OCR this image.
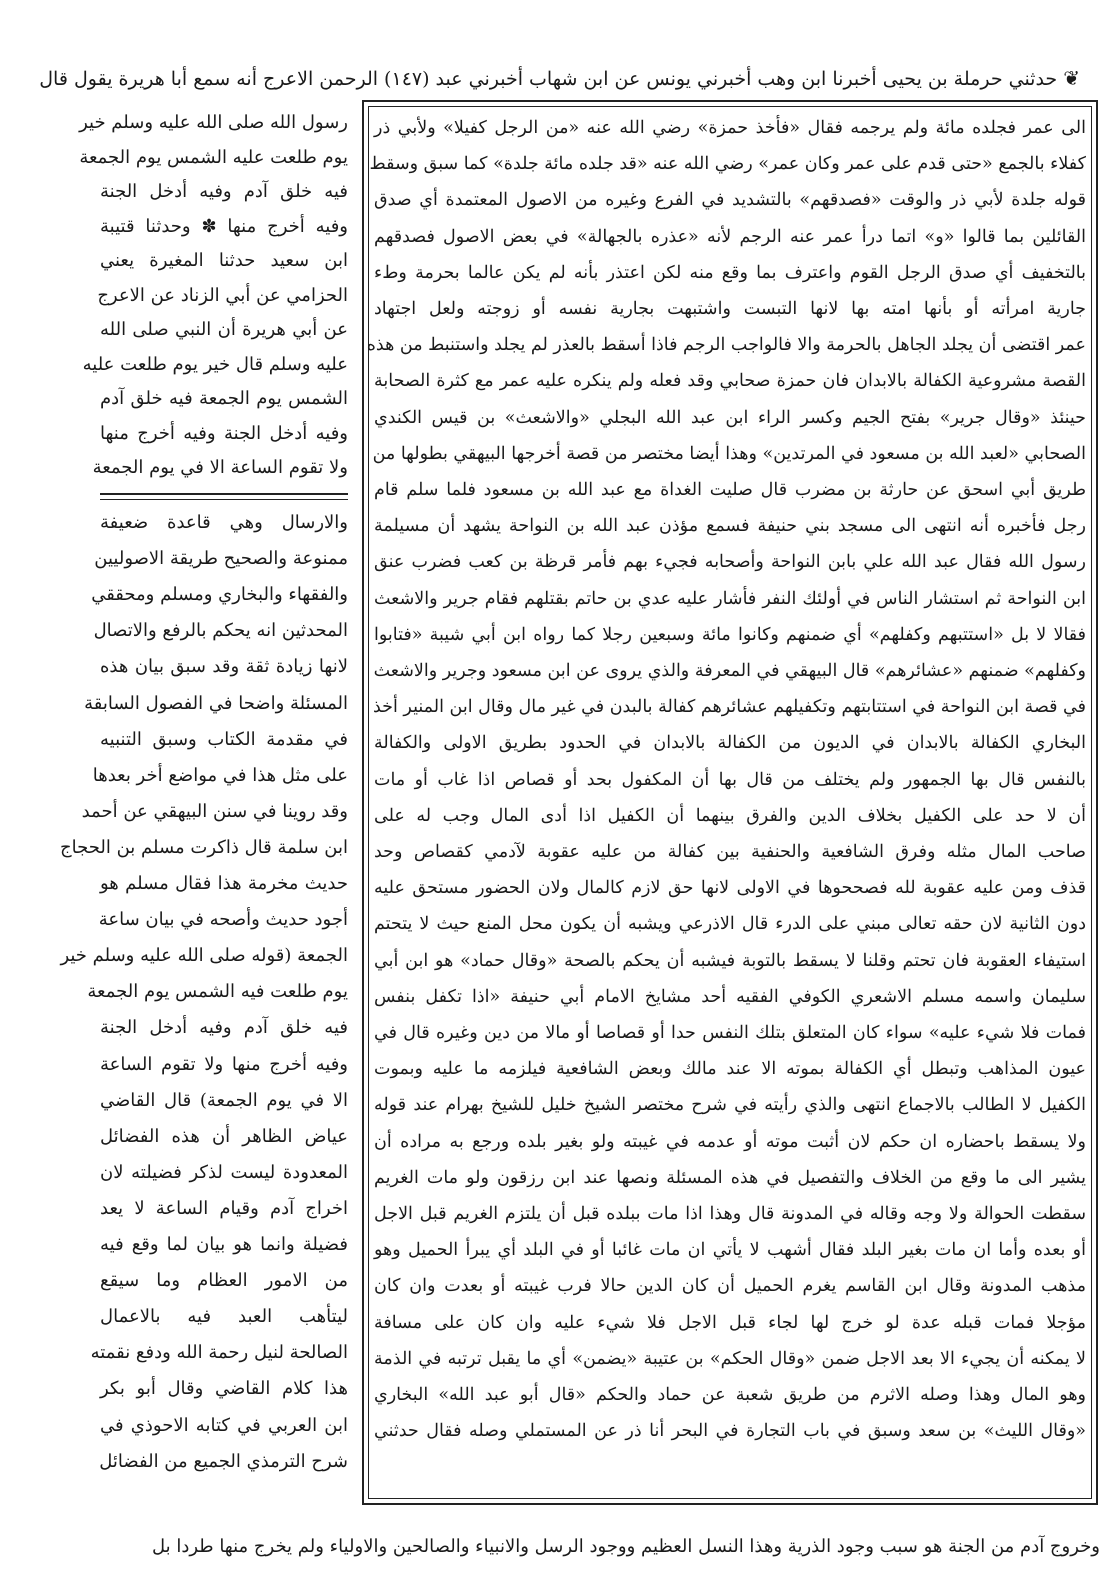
❦ حدثني حرملة بن يحيى أخبرنا ابن وهب أخبرني يونس عن ابن شهاب أخبرني عبد (١٤٧) الرحمن الاعرج أنه سمع أبا هريرة يقول قال
الى عمر فجلده مائة ولم يرجمه فقال «فأخذ حمزة» رضي الله عنه «من الرجل كفيلا» ولأبي ذر
كفلاء بالجمع «حتى قدم على عمر وكان عمر» رضي الله عنه «قد جلده مائة جلدة» كما سبق وسقط
قوله جلدة لأبي ذر والوقت «فصدقهم» بالتشديد في الفرع وغيره من الاصول المعتمدة أي صدق
القائلين بما قالوا «و» اتما درأ عمر عنه الرجم لأنه «عذره بالجهالة» في بعض الاصول فصدقهم
بالتخفيف أي صدق الرجل القوم واعترف بما وقع منه لكن اعتذر بأنه لم يكن عالما بحرمة وطء
جارية امرأته أو بأنها امته بها لانها التبست واشتبهت بجارية نفسه أو زوجته ولعل اجتهاد
عمر اقتضى أن يجلد الجاهل بالحرمة والا فالواجب الرجم فاذا أسقط بالعذر لم يجلد واستنبط من هذه
القصة مشروعية الكفالة بالابدان فان حمزة صحابي وقد فعله ولم ينكره عليه عمر مع كثرة الصحابة
حينئذ «وقال جرير» بفتح الجيم وكسر الراء ابن عبد الله البجلي «والاشعث» بن قيس الكندي
الصحابي «لعبد الله بن مسعود في المرتدين» وهذا أيضا مختصر من قصة أخرجها البيهقي بطولها من
طريق أبي اسحق عن حارثة بن مضرب قال صليت الغداة مع عبد الله بن مسعود فلما سلم قام
رجل فأخبره أنه انتهى الى مسجد بني حنيفة فسمع مؤذن عبد الله بن النواحة يشهد أن مسيلمة
رسول الله فقال عبد الله علي بابن النواحة وأصحابه فجيء بهم فأمر قرظة بن كعب فضرب عنق
ابن النواحة ثم استشار الناس في أولئك النفر فأشار عليه عدي بن حاتم بقتلهم فقام جرير والاشعث
فقالا لا بل «استتبهم وكفلهم» أي ضمنهم وكانوا مائة وسبعين رجلا كما رواه ابن أبي شيبة «فتابوا
وكفلهم» ضمنهم «عشائرهم» قال البيهقي في المعرفة والذي يروى عن ابن مسعود وجرير والاشعث
في قصة ابن النواحة في استتابتهم وتكفيلهم عشائرهم كفالة بالبدن في غير مال وقال ابن المنير أخذ
البخاري الكفالة بالابدان في الديون من الكفالة بالابدان في الحدود بطريق الاولى والكفالة
بالنفس قال بها الجمهور ولم يختلف من قال بها أن المكفول بحد أو قصاص اذا غاب أو مات
أن لا حد على الكفيل بخلاف الدين والفرق بينهما أن الكفيل اذا أدى المال وجب له على
صاحب المال مثله وفرق الشافعية والحنفية بين كفالة من عليه عقوبة لآدمي كقصاص وحد
قذف ومن عليه عقوبة لله فصححوها في الاولى لانها حق لازم كالمال ولان الحضور مستحق عليه
دون الثانية لان حقه تعالى مبني على الدرء قال الاذرعي ويشبه أن يكون محل المنع حيث لا يتحتم
استيفاء العقوبة فان تحتم وقلنا لا يسقط بالتوبة فيشبه أن يحكم بالصحة «وقال حماد» هو ابن أبي
سليمان واسمه مسلم الاشعري الكوفي الفقيه أحد مشايخ الامام أبي حنيفة «اذا تكفل بنفس
فمات فلا شيء عليه» سواء كان المتعلق بتلك النفس حدا أو قصاصا أو مالا من دين وغيره قال في
عيون المذاهب وتبطل أي الكفالة بموته الا عند مالك وبعض الشافعية فيلزمه ما عليه وبموت
الكفيل لا الطالب بالاجماع انتهى والذي رأيته في شرح مختصر الشيخ خليل للشيخ بهرام عند قوله
ولا يسقط باحضاره ان حكم لان أثبت موته أو عدمه في غيبته ولو بغير بلده ورجع به مراده أن
يشير الى ما وقع من الخلاف والتفصيل في هذه المسئلة ونصها عند ابن رزقون ولو مات الغريم
سقطت الحوالة ولا وجه وقاله في المدونة قال وهذا اذا مات ببلده قبل أن يلتزم الغريم قبل الاجل
أو بعده وأما ان مات بغير البلد فقال أشهب لا يأتي ان مات غائبا أو في البلد أي يبرأ الحميل وهو
مذهب المدونة وقال ابن القاسم يغرم الحميل أن كان الدين حالا فرب غيبته أو بعدت وان كان
مؤجلا فمات قبله عدة لو خرج لها لجاء قبل الاجل فلا شيء عليه وان كان على مسافة
لا يمكنه أن يجيء الا بعد الاجل ضمن «وقال الحكم» بن عتيبة «يضمن» أي ما يقبل ترتبه في الذمة
وهو المال وهذا وصله الاثرم من طريق شعبة عن حماد والحكم «قال أبو عبد الله» البخاري
«وقال الليث» بن سعد وسبق في باب التجارة في البحر أنا ذر عن المستملي وصله فقال حدثني
رسول الله صلى الله عليه وسلم خير
يوم طلعت عليه الشمس يوم الجمعة
فيه خلق آدم وفيه أدخل الجنة
وفيه أخرج منها ✽ وحدثنا قتيبة
ابن سعيد حدثنا المغيرة يعني
الحزامي عن أبي الزناد عن الاعرج
عن أبي هريرة أن النبي صلى الله
عليه وسلم قال خير يوم طلعت عليه
الشمس يوم الجمعة فيه خلق آدم
وفيه أدخل الجنة وفيه أخرج منها
ولا تقوم الساعة الا في يوم الجمعة
والارسال وهي قاعدة ضعيفة
ممنوعة والصحيح طريقة الاصوليين
والفقهاء والبخاري ومسلم ومحققي
المحدثين انه يحكم بالرفع والاتصال
لانها زيادة ثقة وقد سبق بيان هذه
المسئلة واضحا في الفصول السابقة
في مقدمة الكتاب وسبق التنبيه
على مثل هذا في مواضع أخر بعدها
وقد روينا في سنن البيهقي عن أحمد
ابن سلمة قال ذاكرت مسلم بن الحجاج
حديث مخرمة هذا فقال مسلم هو
أجود حديث وأصحه في بيان ساعة
الجمعة (قوله صلى الله عليه وسلم خير
يوم طلعت فيه الشمس يوم الجمعة
فيه خلق آدم وفيه أدخل الجنة
وفيه أخرج منها ولا تقوم الساعة
الا في يوم الجمعة) قال القاضي
عياض الظاهر أن هذه الفضائل
المعدودة ليست لذكر فضيلته لان
اخراج آدم وقيام الساعة لا يعد
فضيلة وانما هو بيان لما وقع فيه
من الامور العظام وما سيقع
ليتأهب العبد فيه بالاعمال
الصالحة لنيل رحمة الله ودفع نقمته
هذا كلام القاضي وقال أبو بكر
ابن العربي في كتابه الاحوذي في
شرح الترمذي الجميع من الفضائل
وخروج آدم من الجنة هو سبب وجود الذرية وهذا النسل العظيم ووجود الرسل والانبياء والصالحين والاولياء ولم يخرج منها طردا بل
